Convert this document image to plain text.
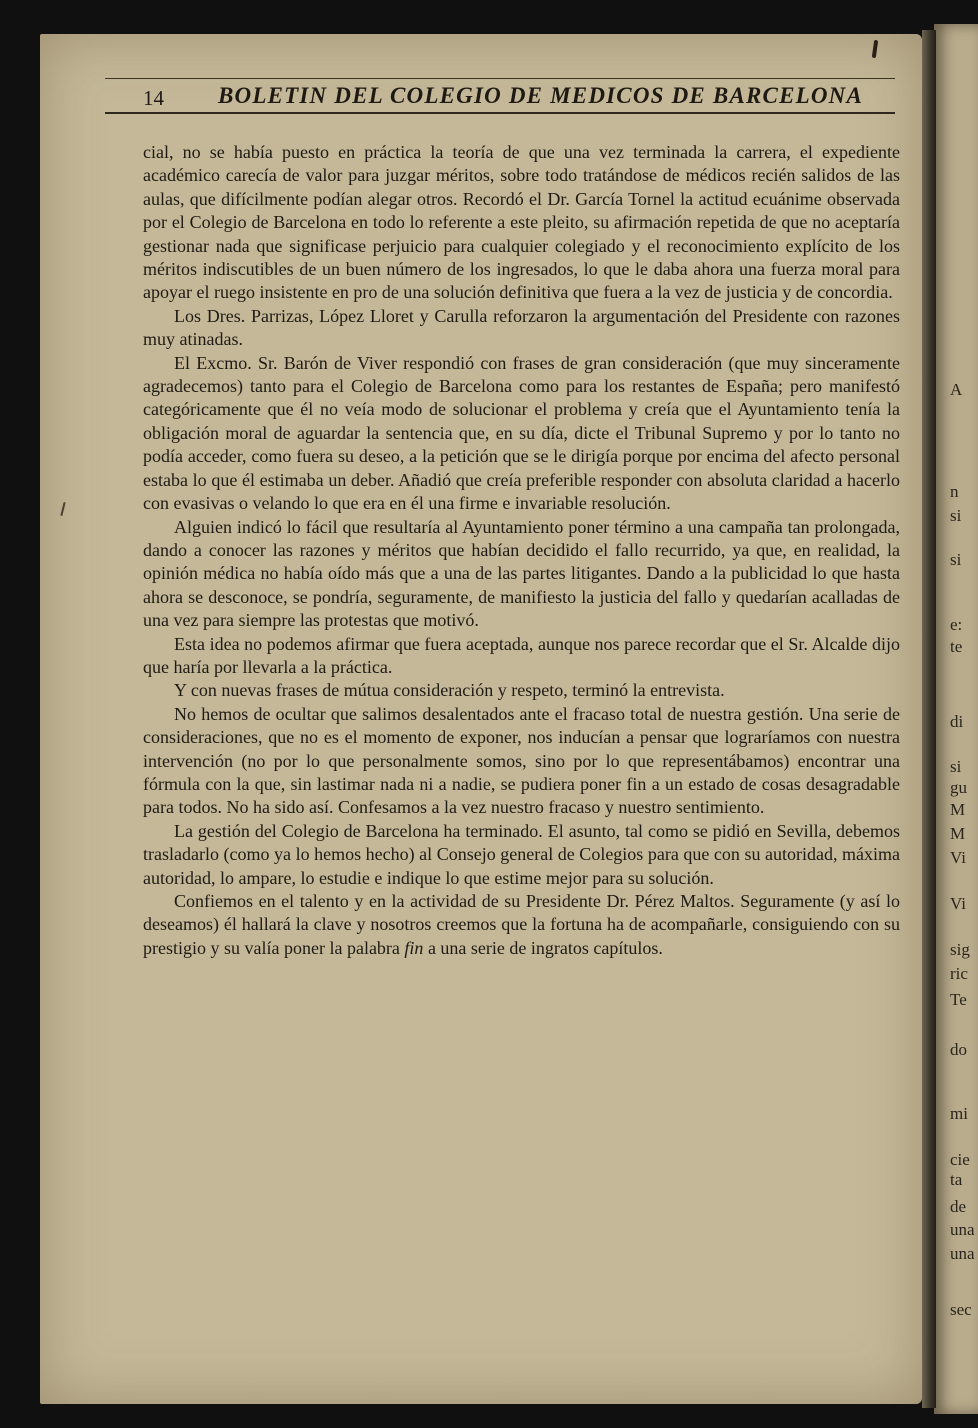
A
n
si
si
e:
te
di
si
gu
M
M
Vi
Vi
sig
ric
Te
do
mi
cie
ta
de
una
una
sec
14 BOLETIN DEL COLEGIO DE MEDICOS DE BARCELONA

cial, no se había puesto en práctica la teoría de que una vez terminada la carrera, el expediente académico carecía de valor para juzgar méritos, sobre todo tratándose de médicos recién salidos de las aulas, que difícilmente podían alegar otros. Recordó el Dr. García Tornel la actitud ecuánime observada por el Colegio de Barcelona en todo lo referente a este pleito, su afirmación repetida de que no aceptaría gestionar nada que significase perjuicio para cualquier colegiado y el reconocimiento explícito de los méritos indiscutibles de un buen número de los ingresados, lo que le daba ahora una fuerza moral para apoyar el ruego insistente en pro de una solución definitiva que fuera a la vez de justicia y de concordia.

Los Dres. Parrizas, López Lloret y Carulla reforzaron la argumentación del Presidente con razones muy atinadas.

El Excmo. Sr. Barón de Viver respondió con frases de gran consideración (que muy sinceramente agradecemos) tanto para el Colegio de Barcelona como para los restantes de España; pero manifestó categóricamente que él no veía modo de solucionar el problema y creía que el Ayuntamiento tenía la obligación moral de aguardar la sentencia que, en su día, dicte el Tribunal Supremo y por lo tanto no podía acceder, como fuera su deseo, a la petición que se le dirigía porque por encima del afecto personal estaba lo que él estimaba un deber. Añadió que creía preferible responder con absoluta claridad a hacerlo con evasivas o velando lo que era en él una firme e invariable resolución.

Alguien indicó lo fácil que resultaría al Ayuntamiento poner término a una campaña tan prolongada, dando a conocer las razones y méritos que habían decidido el fallo recurrido, ya que, en realidad, la opinión médica no había oído más que a una de las partes litigantes. Dando a la publicidad lo que hasta ahora se desconoce, se pondría, seguramente, de manifiesto la justicia del fallo y quedarían acalladas de una vez para siempre las protestas que motivó.

Esta idea no podemos afirmar que fuera aceptada, aunque nos parece recordar que el Sr. Alcalde dijo que haría por llevarla a la práctica.

Y con nuevas frases de mútua consideración y respeto, terminó la entrevista.

No hemos de ocultar que salimos desalentados ante el fracaso total de nuestra gestión. Una serie de consideraciones, que no es el momento de exponer, nos inducían a pensar que lograríamos con nuestra intervención (no por lo que personalmente somos, sino por lo que representábamos) encontrar una fórmula con la que, sin lastimar nada ni a nadie, se pudiera poner fin a un estado de cosas desagradable para todos. No ha sido así. Confesamos a la vez nuestro fracaso y nuestro sentimiento.

La gestión del Colegio de Barcelona ha terminado. El asunto, tal como se pidió en Sevilla, debemos trasladarlo (como ya lo hemos hecho) al Consejo general de Colegios para que con su autoridad, máxima autoridad, lo ampare, lo estudie e indique lo que estime mejor para su solución.

Confiemos en el talento y en la actividad de su Presidente Dr. Pérez Maltos. Seguramente (y así lo deseamos) él hallará la clave y nosotros creemos que la fortuna ha de acompañarle, consiguiendo con su prestigio y su valía poner la palabra fin a una serie de ingratos capítulos.
